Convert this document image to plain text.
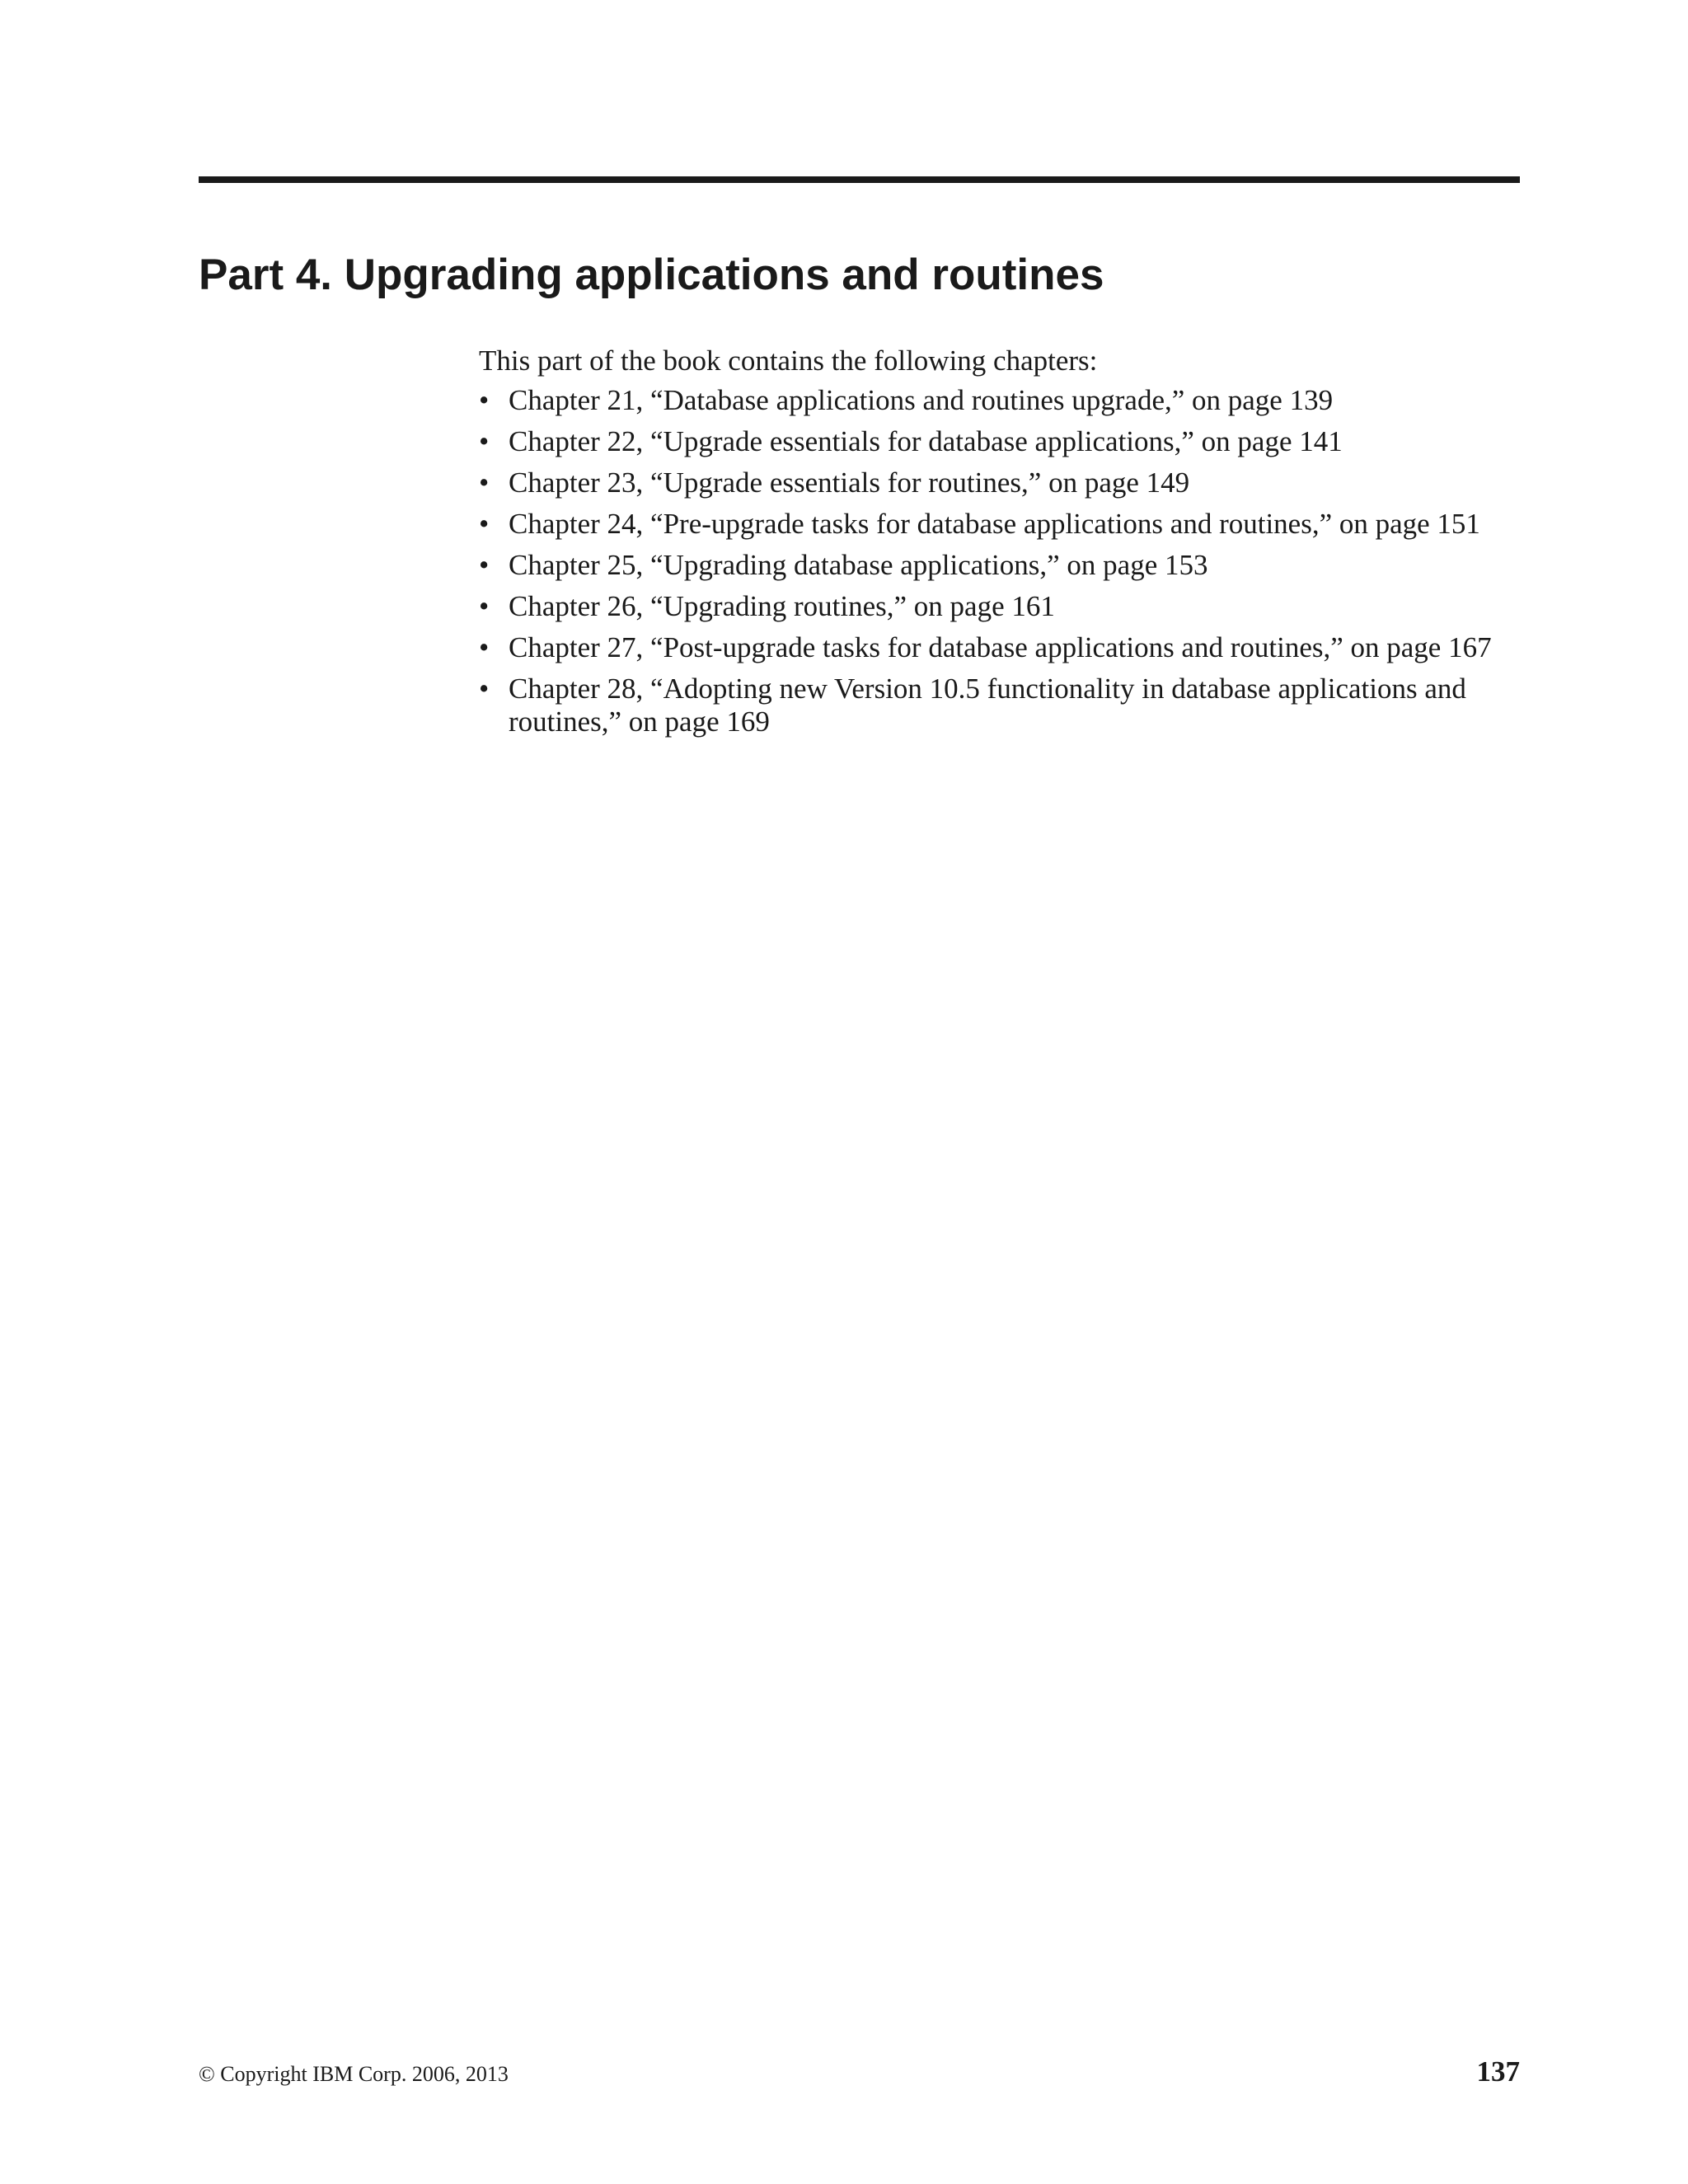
Part 4. Upgrading applications and routines

This part of the book contains the following chapters:

• Chapter 21, “Database applications and routines upgrade,” on page 139
• Chapter 22, “Upgrade essentials for database applications,” on page 141
• Chapter 23, “Upgrade essentials for routines,” on page 149
• Chapter 24, “Pre-upgrade tasks for database applications and routines,” on page 151
• Chapter 25, “Upgrading database applications,” on page 153
• Chapter 26, “Upgrading routines,” on page 161
• Chapter 27, “Post-upgrade tasks for database applications and routines,” on page 167
• Chapter 28, “Adopting new Version 10.5 functionality in database applications and routines,” on page 169
© Copyright IBM Corp. 2006, 2013	137
